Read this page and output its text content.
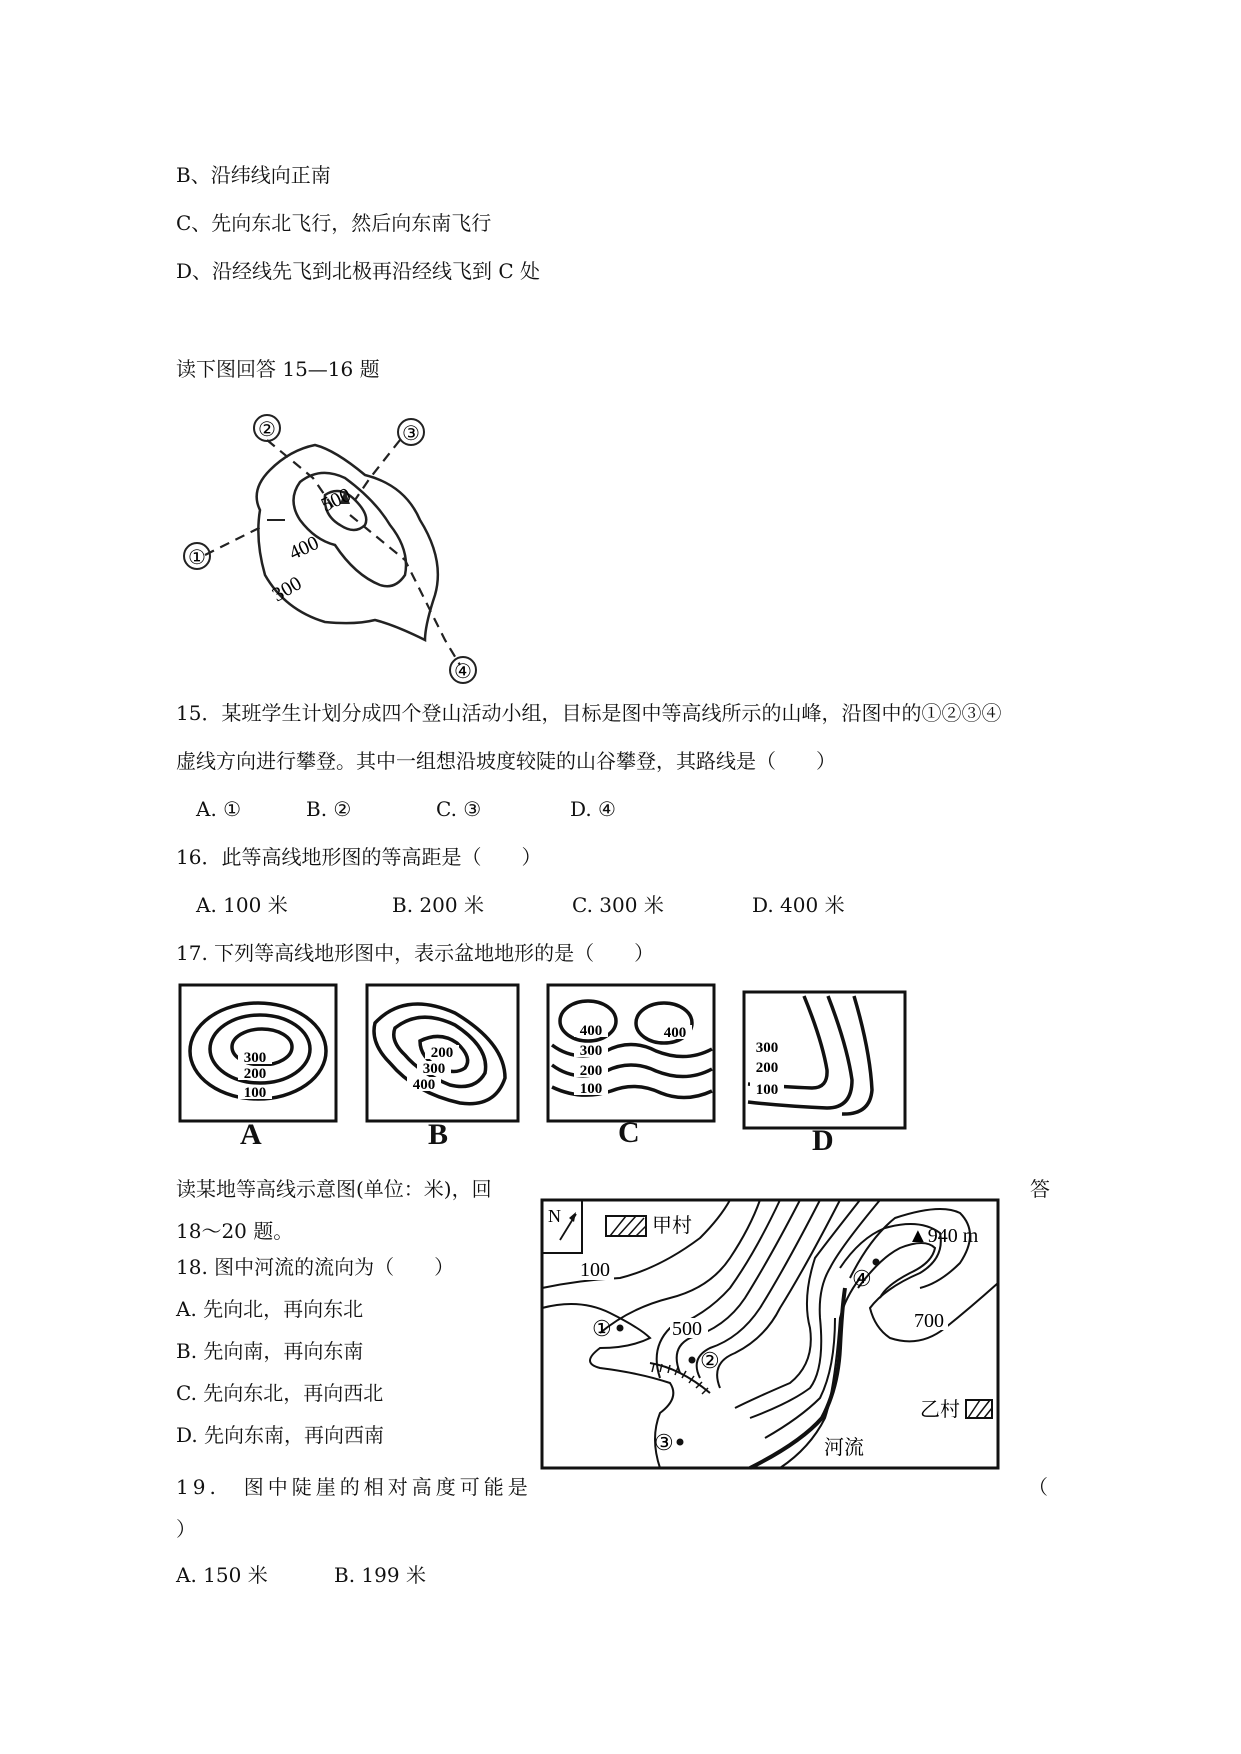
B、沿纬线向正南
C、先向东北飞行，然后向东南飞行
D、沿经线先飞到北极再沿经线飞到 C 处
读下图回答 15—16 题
①
②	③
④
500
400
300
15．某班学生计划分成四个登山活动小组，目标是图中等高线所示的山峰，沿图中的①②③④
虚线方向进行攀登。其中一组想沿坡度较陡的山谷攀登，其路线是（　　）
A. ①	B. ②	C. ③	D. ④
16．此等高线地形图的等高距是（　　）
A. 100 米	B. 200 米	C. 300 米	D. 400 米
17. 下列等高线地形图中，表示盆地地形的是（　　）
300
200
100
A
200
300
400
B
400	400
300
200
100
C
300
200
100
D
读某地等高线示意图(单位：米)，回	答
18～20 题。
N	甲村
乙村
▲940 m
100
500	700
①
②
③
④
河流
18. 图中河流的流向为（　　）
A. 先向北，再向东北
B. 先向南，再向东南
C. 先向东北，再向西北
D. 先向东南，再向西南
19.　图中陡崖的相对高度可能是	（
）
A. 150 米	B. 199 米
